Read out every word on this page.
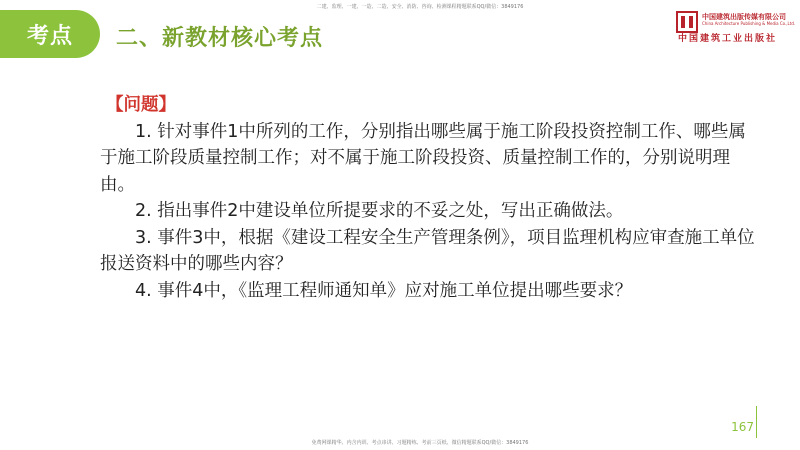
二建、监理、一建、一造、二造、安全、消防、咨询、检测课程精题联系QQ/微信：3849176
考点 二、新教材核心考点
中国建筑出版传媒有限公司
China Architecture Publishing & Media Co.,Ltd.
中国建筑工业出版社
【问题】

1. 针对事件1中所列的工作，分别指出哪些属于施工阶段投资控制工作、哪些属于施工阶段质量控制工作；对不属于施工阶段投资、质量控制工作的，分别说明理由。

2. 指出事件2中建设单位所提要求的不妥之处，写出正确做法。

3. 事件3中，根据《建设工程安全生产管理条例》，项目监理机构应审查施工单位报送资料中的哪些内容？

4. 事件4中，《监理工程师通知单》应对施工单位提出哪些要求？

167
免费网课精华、内含内训、考点串讲、习题精练、考前三页纸、微信精题联系QQ/微信：3849176
